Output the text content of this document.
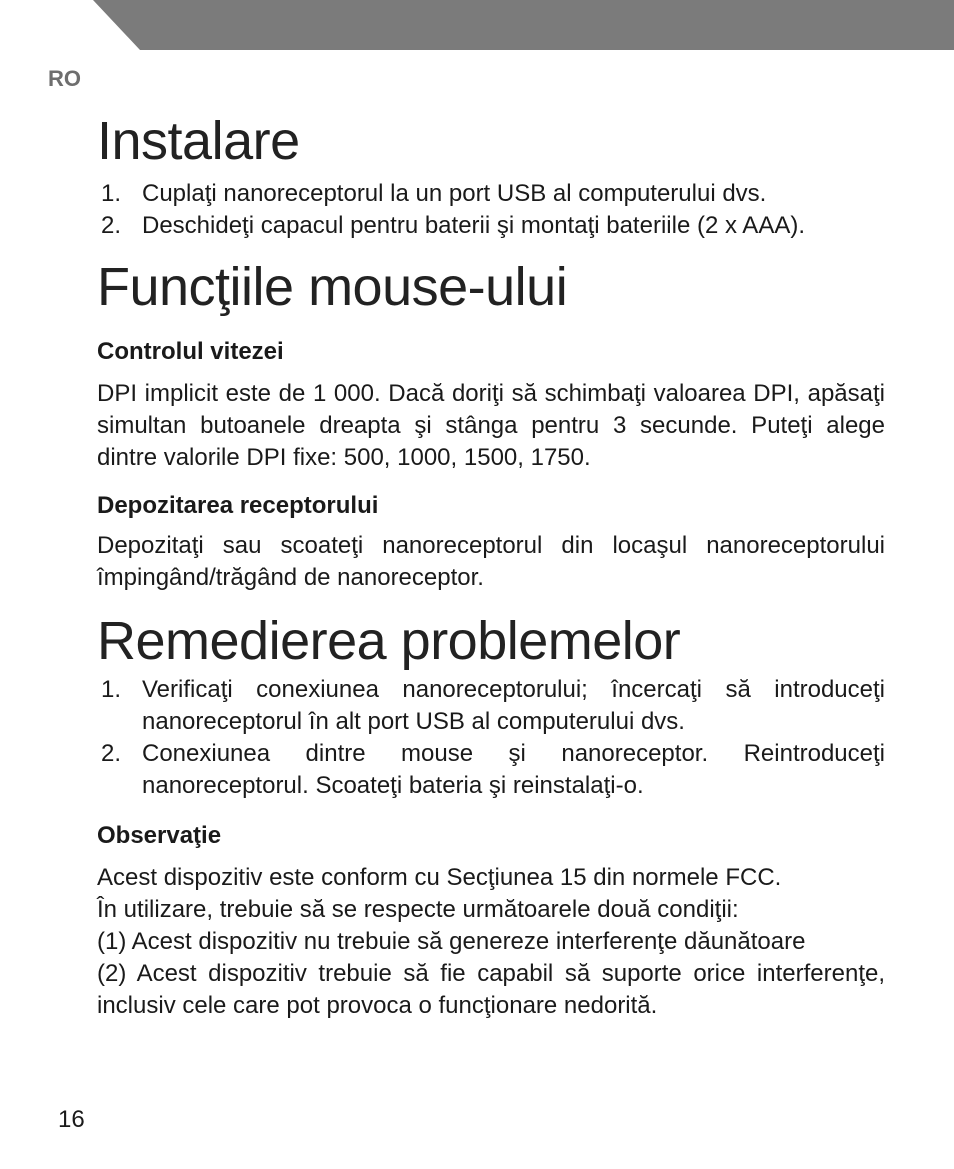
RO
Instalare
1. Cuplaţi nanoreceptorul la un port USB al computerului dvs.
2. Deschideţi capacul pentru baterii şi montaţi bateriile (2 x AAA).
Funcţiile mouse-ului
Controlul vitezei

DPI implicit este de 1 000. Dacă doriţi să schimbaţi valoarea DPI, apăsaţi simultan butoanele dreapta şi stânga pentru 3 secunde. Puteţi alege dintre valorile DPI fixe: 500, 1000, 1500, 1750.

Depozitarea receptorului

Depozitaţi sau scoateţi nanoreceptorul din locaşul nanoreceptorului împingând/trăgând de nanoreceptor.

Remedierea problemelor
1. Verificaţi conexiunea nanoreceptorului; încercaţi să introduceţi nanoreceptorul în alt port USB al computerului dvs.
2. Conexiunea dintre mouse şi nanoreceptor. Reintroduceţi nanoreceptorul. Scoateţi bateria şi reinstalaţi-o.
Observaţie

Acest dispozitiv este conform cu Secţiunea 15 din normele FCC.

În utilizare, trebuie să se respecte următoarele două condiţii:

(1) Acest dispozitiv nu trebuie să genereze interferenţe dăunătoare

(2) Acest dispozitiv trebuie să fie capabil să suporte orice interferenţe, inclusiv cele care pot provoca o funcţionare nedorită.

16
